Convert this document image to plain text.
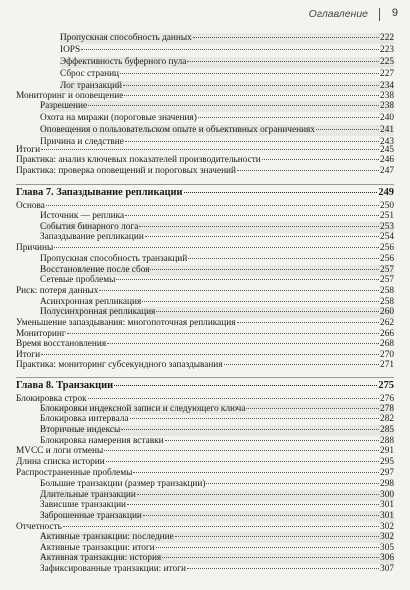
Оглавление 9
Пропускная способность данных	222
IOPS	223
Эффективность буферного пула	225
Сброс страниц	227
Лог транзакций	234
Мониторинг и оповещение	238
Разрешение	238
Охота на миражи (пороговые значения)	240
Оповещения о пользовательском опыте и объективных ограничениях	241
Причина и следствие	243
Итоги	245
Практика: анализ ключевых показателей производительности	246
Практика: проверка оповещений и пороговых значений	247
Глава 7. Запаздывание репликации	249
Основа	250
Источник — реплика	251
События бинарного лога	253
Запаздывание репликации	254
Причины	256
Пропускная способность транзакций	256
Восстановление после сбоя	257
Сетевые проблемы	257
Риск: потеря данных	258
Асинхронная репликация	258
Полусинхронная репликация	260
Уменьшение запаздывания: многопоточная репликация	262
Мониторинг	266
Время восстановления	268
Итоги	270
Практика: мониторинг субсекундного запаздывания	271
Глава 8. Транзакции	275
Блокировка строк	276
Блокировки индексной записи и следующего ключа	278
Блокировка интервала	282
Вторичные индексы	285
Блокировка намерения вставки	288
MVCC и логи отмены	291
Длина списка истории	295
Распространенные проблемы	297
Большие транзакции (размер транзакции)	298
Длительные транзакции	300
Зависшие транзакции	301
Заброшенные транзакции	301
Отчетность	302
Активные транзакции: последние	302
Активные транзакции: итоги	305
Активная транзакция: история	306
Зафиксированные транзакции: итоги	307
